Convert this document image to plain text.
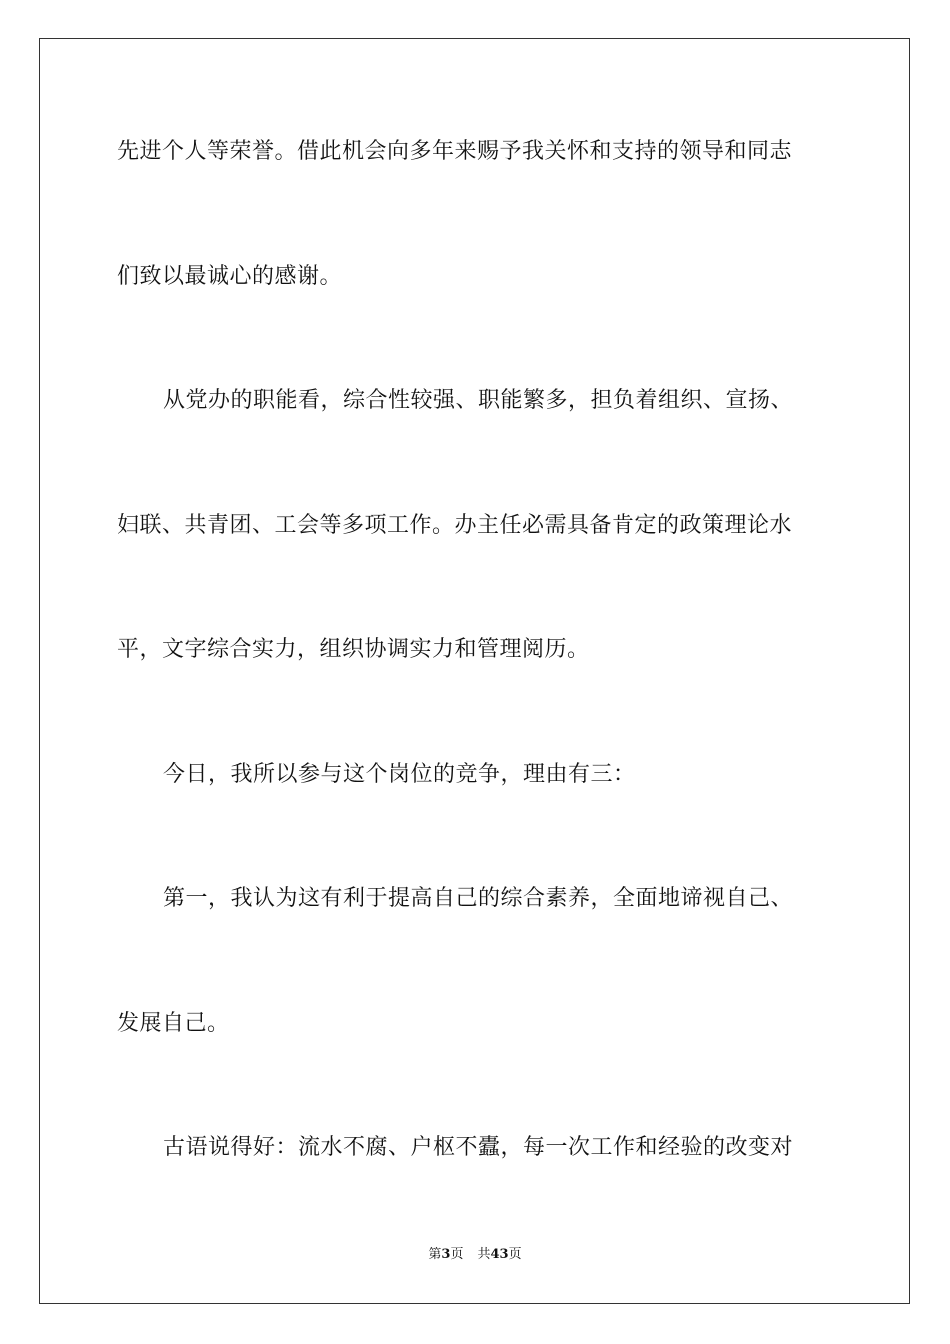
先进个人等荣誉。借此机会向多年来赐予我关怀和支持的领导和同志
们致以最诚心的感谢。
从党办的职能看，综合性较强、职能繁多，担负着组织、宣扬、
妇联、共青团、工会等多项工作。办主任必需具备肯定的政策理论水
平，文字综合实力，组织协调实力和管理阅历。
今日，我所以参与这个岗位的竞争，理由有三：
第一，我认为这有利于提高自己的综合素养，全面地谛视自己、
发展自己。
古语说得好：流水不腐、户枢不蠹，每一次工作和经验的改变对
第3页 共43页
